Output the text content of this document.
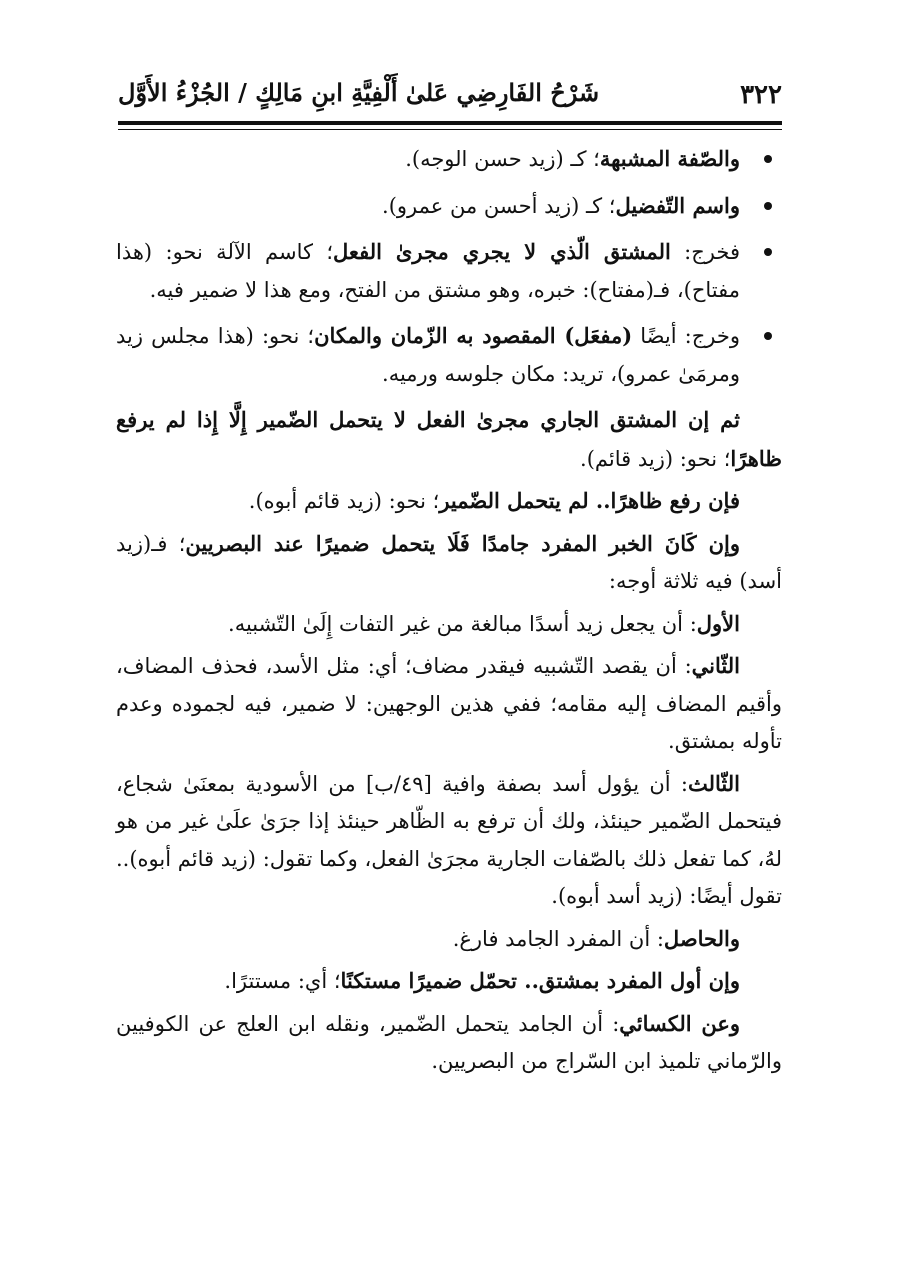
٣٢٢
شَرْحُ الفَارِضِي عَلىٰ أَلْفِيَّةِ ابنِ مَالِكٍ / الجُزْءُ الأَوَّل
والصّفة المشبهة؛ كـ (زيد حسن الوجه).
واسم التّفضيل؛ كـ (زيد أحسن من عمرو).
فخرج: المشتق الّذي لا يجري مجرىٰ الفعل؛ كاسم الآلة نحو: (هذا مفتاح)، فـ(مفتاح): خبره، وهو مشتق من الفتح، ومع هذا لا ضمير فيه.
وخرج: أيضًا (مفعَل) المقصود به الزّمان والمكان؛ نحو: (هذا مجلس زيد ومرمَىٰ عمرو)، تريد: مكان جلوسه ورميه.

ثم إن المشتق الجاري مجرىٰ الفعل لا يتحمل الضّمير إِلَّا إِذا لم يرفع ظاهرًا؛ نحو: (زيد قائم).

فإن رفع ظاهرًا.. لم يتحمل الضّمير؛ نحو: (زيد قائم أبوه).

وإن كَانَ الخبر المفرد جامدًا فَلَا يتحمل ضميرًا عند البصريين؛ فـ(زيد أسد) فيه ثلاثة أوجه:

الأول: أن يجعل زيد أسدًا مبالغة من غير التفات إِلَىٰ التّشبيه.

الثّاني: أن يقصد التّشبيه فيقدر مضاف؛ أي: مثل الأسد، فحذف المضاف، وأقيم المضاف إليه مقامه؛ ففي هذين الوجهين: لا ضمير، فيه لجموده وعدم تأوله بمشتق.

الثّالث: أن يؤول أسد بصفة وافية [٤٩/ب] من الأسودية بمعنَىٰ شجاع، فيتحمل الضّمير حينئذ، ولك أن ترفع به الظّاهر حينئذ إذا جرَىٰ علَىٰ غير من هو لهُ، كما تفعل ذلك بالصّفات الجارية مجرَىٰ الفعل، وكما تقول: (زيد قائم أبوه).. تقول أيضًا: (زيد أسد أبوه).

والحاصل: أن المفرد الجامد فارغ.

وإن أول المفرد بمشتق.. تحمّل ضميرًا مستكنًا؛ أي: مستترًا.

وعن الكسائي: أن الجامد يتحمل الضّمير، ونقله ابن العلج عن الكوفيين والرّماني تلميذ ابن السّراج من البصريين.
